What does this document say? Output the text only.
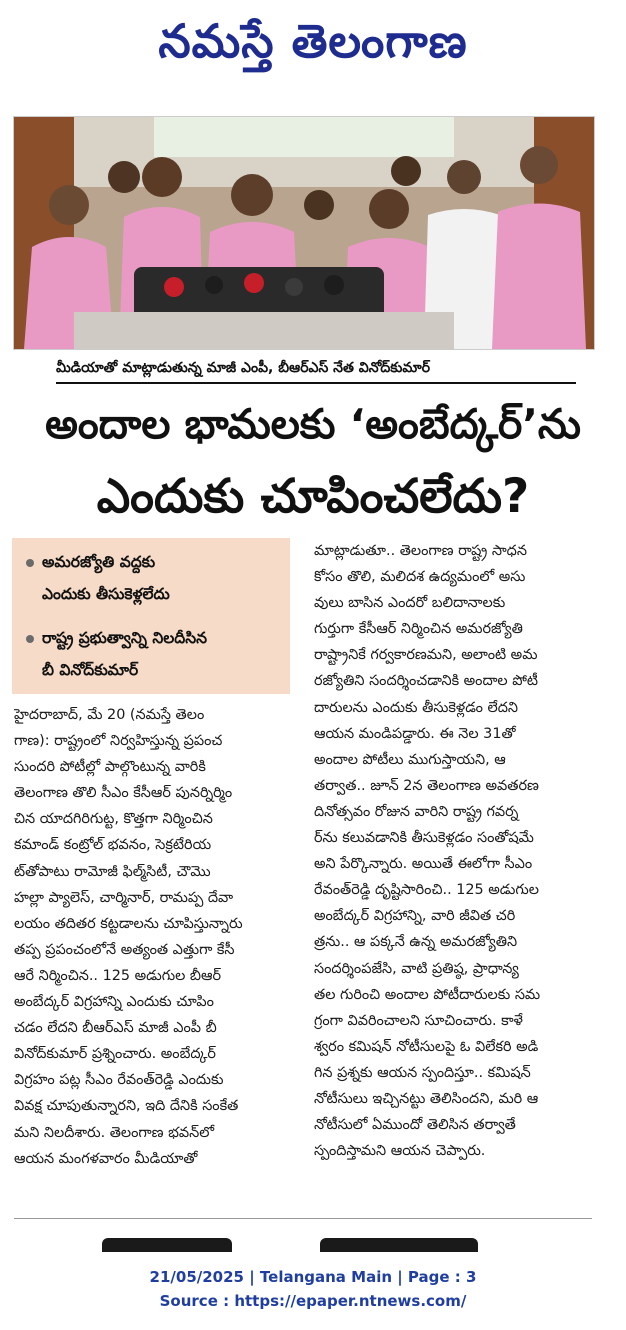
నమస్తే తెలంగాణ
మీడియాతో మాట్లాడుతున్న మాజీ ఎంపీ, బీఆర్ఎస్ నేత వినోద్‌కుమార్
అందాల భామలకు ‘అంబేద్కర్’ను
ఎందుకు చూపించలేదు?
అమరజ్యోతి వద్దకు
ఎందుకు తీసుకెళ్లలేదు
రాష్ట్ర ప్రభుత్వాన్ని నిలదీసిన
బీ వినోద్‌కుమార్
హైదరాబాద్, మే 20 (నమస్తే తెలం
గాణ): రాష్ట్రంలో నిర్వహిస్తున్న ప్రపంచ
సుందరి పోటీల్లో పాల్గొంటున్న వారికి
తెలంగాణ తొలి సీఎం కేసీఆర్ పునర్నిర్మిం
చిన యాదగిరిగుట్ట, కొత్తగా నిర్మించిన
కమాండ్ కంట్రోల్ భవనం, సెక్రటేరియ
ట్‌తోపాటు రామోజీ ఫిల్మ్‌సిటీ, చౌమొ
హల్లా ప్యాలెస్, చార్మినార్, రామప్ప దేవా
లయం తదితర కట్టడాలను చూపిస్తున్నారు
తప్ప ప్రపంచంలోనే అత్యంత ఎత్తుగా కేసీ
ఆరే నిర్మించిన.. 125 అడుగుల బీఆర్
అంబేద్కర్ విగ్రహాన్ని ఎందుకు చూపిం
చడం లేదని బీఆర్ఎస్ మాజీ ఎంపీ బీ
వినోద్‌కుమార్ ప్రశ్నించారు. అంబేద్కర్
విగ్రహం పట్ల సీఎం రేవంత్‌రెడ్డి ఎందుకు
వివక్ష చూపుతున్నారని, ఇది దేనికి సంకేత
మని నిలదీశారు. తెలంగాణ భవన్‌లో
ఆయన మంగళవారం మీడియాతో
మాట్లాడుతూ.. తెలంగాణ రాష్ట్ర సాధన
కోసం తొలి, మలిదశ ఉద్యమంలో అసు
వులు బాసిన ఎందరో బలిదానాలకు
గుర్తుగా కేసీఆర్ నిర్మించిన అమరజ్యోతి
రాష్ట్రానికే గర్వకారణమని, అలాంటి అమ
రజ్యోతిని సందర్శించడానికి అందాల పోటీ
దారులను ఎందుకు తీసుకెళ్లడం లేదని
ఆయన మండిపడ్డారు. ఈ నెల 31తో
అందాల పోటీలు ముగుస్తాయని, ఆ
తర్వాత.. జూన్ 2న తెలంగాణ అవతరణ
దినోత్సవం రోజున వారిని రాష్ట్ర గవర్న
ర్‌ను కలువడానికి తీసుకెళ్లడం సంతోషమే
అని పేర్కొన్నారు. అయితే ఈలోగా సీఎం
రేవంత్‌రెడ్డి దృష్టిసారించి.. 125 అడుగుల
అంబేద్కర్ విగ్రహాన్ని, వారి జీవిత చరి
త్రను.. ఆ పక్కనే ఉన్న అమరజ్యోతిని
సందర్శింపజేసి, వాటి ప్రతిష్ఠ, ప్రాధాన్య
తల గురించి అందాల పోటీదారులకు సమ
గ్రంగా వివరించాలని సూచించారు. కాళే
శ్వరం కమిషన్ నోటీసులపై ఓ విలేకరి అడి
గిన ప్రశ్నకు ఆయన స్పందిస్తూ.. కమిషన్
నోటీసులు ఇచ్చినట్టు తెలిసిందని, మరి ఆ
నోటీసులో ఏముందో తెలిసిన తర్వాతే
స్పందిస్తామని ఆయన చెప్పారు.
21/05/2025 | Telangana Main | Page : 3
Source : https://epaper.ntnews.com/
